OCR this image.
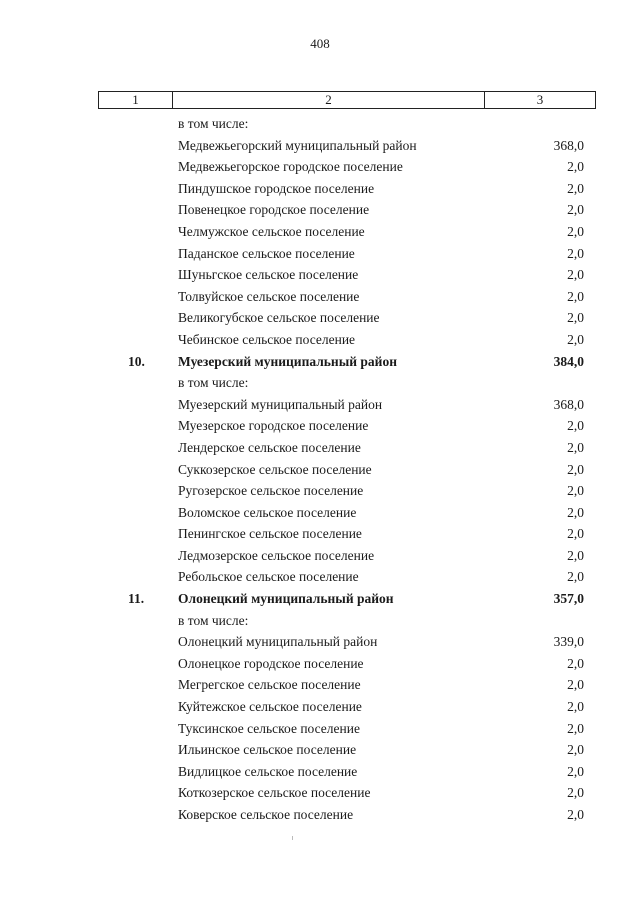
408
1	2	3
в том числе:
Медвежьегорский муниципальный район	368,0
Медвежьегорское городское поселение	2,0
Пиндушское городское поселение	2,0
Повенецкое городское поселение	2,0
Челмужское сельское поселение	2,0
Паданское сельское поселение	2,0
Шуньгское сельское поселение	2,0
Толвуйское сельское поселение	2,0
Великогубское сельское поселение	2,0
Чебинское сельское поселение	2,0
10. Муезерский муниципальный район	384,0
в том числе:
Муезерский муниципальный район	368,0
Муезерское городское поселение	2,0
Лендерское сельское поселение	2,0
Суккозерское сельское поселение	2,0
Ругозерское сельское поселение	2,0
Воломское сельское поселение	2,0
Пенингское сельское поселение	2,0
Ледмозерское сельское поселение	2,0
Ребольское сельское поселение	2,0
11.	Олонецкий муниципальный район	357,0
в том числе:
Олонецкий муниципальный район	339,0
Олонецкое городское поселение	2,0
Мегрегское сельское поселение	2,0
Куйтежское сельское поселение	2,0
Туксинское сельское поселение	2,0
Ильинское сельское поселение	2,0
Видлицкое сельское поселение	2,0
Коткозерское сельское поселение	2,0
Коверское сельское поселение	2,0
